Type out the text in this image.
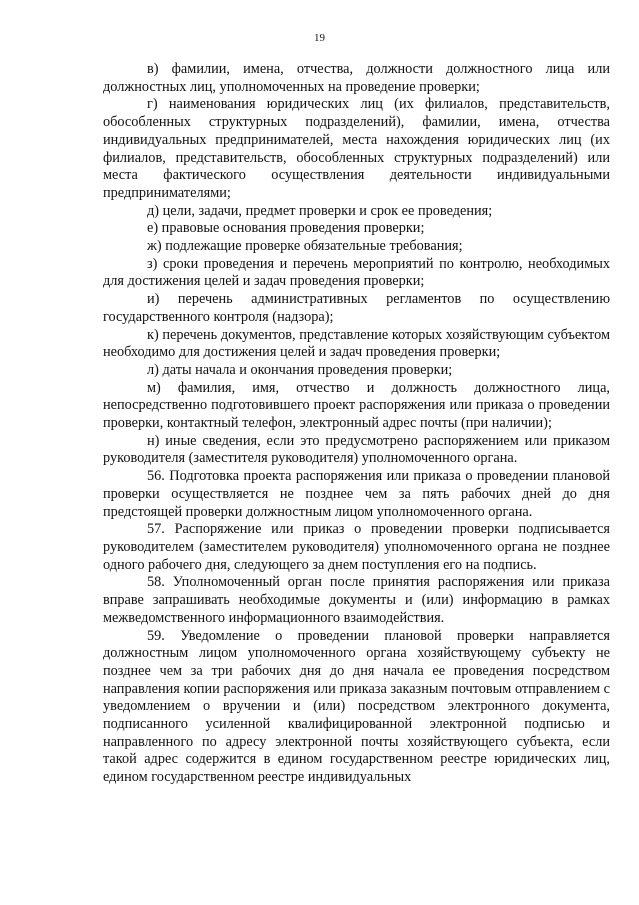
19

в) фамилии, имена, отчества, должности должностного лица или должностных лиц, уполномоченных на проведение проверки;

г) наименования юридических лиц (их филиалов, представительств, обособленных структурных подразделений), фамилии, имена, отчества индивидуальных предпринимателей, места нахождения юридических лиц (их филиалов, представительств, обособленных структурных подразделений) или места фактического осуществления деятельности индивидуальными предпринимателями;

д) цели, задачи, предмет проверки и срок ее проведения;

е) правовые основания проведения проверки;

ж) подлежащие проверке обязательные требования;

з) сроки проведения и перечень мероприятий по контролю, необходимых для достижения целей и задач проведения проверки;

и) перечень административных регламентов по осуществлению государственного контроля (надзора);

к) перечень документов, представление которых хозяйствующим субъектом необходимо для достижения целей и задач проведения проверки;

л) даты начала и окончания проведения проверки;

м) фамилия, имя, отчество и должность должностного лица, непосредственно подготовившего проект распоряжения или приказа о проведении проверки, контактный телефон, электронный адрес почты (при наличии);

н) иные сведения, если это предусмотрено распоряжением или приказом руководителя (заместителя руководителя) уполномоченного органа.

56. Подготовка проекта распоряжения или приказа о проведении плановой проверки осуществляется не позднее чем за пять рабочих дней до дня предстоящей проверки должностным лицом уполномоченного органа.

57. Распоряжение или приказ о проведении проверки подписывается руководителем (заместителем руководителя) уполномоченного органа не позднее одного рабочего дня, следующего за днем поступления его на подпись.

58. Уполномоченный орган после принятия распоряжения или приказа вправе запрашивать необходимые документы и (или) информацию в рамках межведомственного информационного взаимодействия.

59. Уведомление о проведении плановой проверки направляется должностным лицом уполномоченного органа хозяйствующему субъекту не позднее чем за три рабочих дня до дня начала ее проведения посредством направления копии распоряжения или приказа заказным почтовым отправлением с уведомлением о вручении и (или) посредством электронного документа, подписанного усиленной квалифицированной электронной подписью и направленного по адресу электронной почты хозяйствующего субъекта, если такой адрес содержится в едином государственном реестре юридических лиц, едином государственном реестре индивидуальных
